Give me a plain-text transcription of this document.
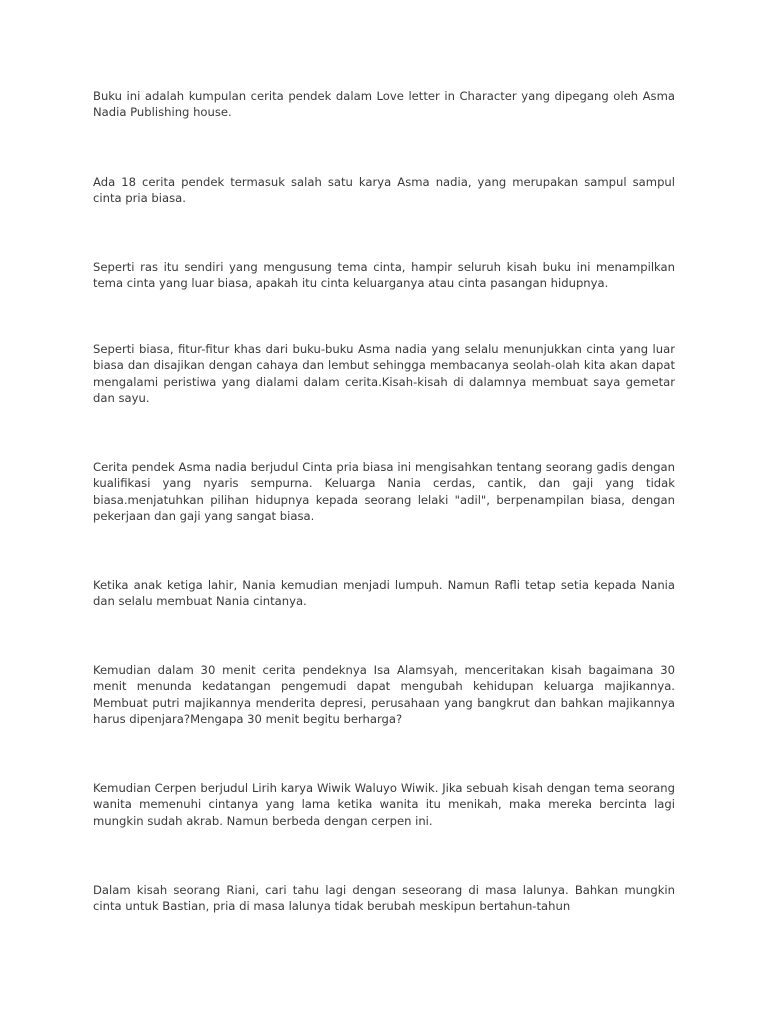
Buku ini adalah kumpulan cerita pendek dalam Love letter in Character yang dipegang oleh Asma Nadia Publishing house.

Ada 18 cerita pendek termasuk salah satu karya Asma nadia, yang merupakan sampul sampul cinta pria biasa.

Seperti ras itu sendiri yang mengusung tema cinta, hampir seluruh kisah buku ini menampilkan tema cinta yang luar biasa, apakah itu cinta keluarganya atau cinta pasangan hidupnya.

Seperti biasa, fitur-fitur khas dari buku-buku Asma nadia yang selalu menunjukkan cinta yang luar biasa dan disajikan dengan cahaya dan lembut sehingga membacanya seolah-olah kita akan dapat mengalami peristiwa yang dialami dalam cerita.Kisah-kisah di dalamnya membuat saya gemetar dan sayu.

Cerita pendek Asma nadia berjudul Cinta pria biasa ini mengisahkan tentang seorang gadis dengan kualifikasi yang nyaris sempurna. Keluarga Nania cerdas, cantik, dan gaji yang tidak biasa.menjatuhkan pilihan hidupnya kepada seorang lelaki "adil", berpenampilan biasa, dengan pekerjaan dan gaji yang sangat biasa.

Ketika anak ketiga lahir, Nania kemudian menjadi lumpuh. Namun Rafli tetap setia kepada Nania dan selalu membuat Nania cintanya.

Kemudian dalam 30 menit cerita pendeknya Isa Alamsyah, menceritakan kisah bagaimana 30 menit menunda kedatangan pengemudi dapat mengubah kehidupan keluarga majikannya. Membuat putri majikannya menderita depresi, perusahaan yang bangkrut dan bahkan majikannya harus dipenjara?Mengapa 30 menit begitu berharga?

Kemudian Cerpen berjudul Lirih karya Wiwik Waluyo Wiwik. Jika sebuah kisah dengan tema seorang wanita memenuhi cintanya yang lama ketika wanita itu menikah, maka mereka bercinta lagi mungkin sudah akrab. Namun berbeda dengan cerpen ini.

Dalam kisah seorang Riani, cari tahu lagi dengan seseorang di masa lalunya. Bahkan mungkin cinta untuk Bastian, pria di masa lalunya tidak berubah meskipun bertahun-tahun
